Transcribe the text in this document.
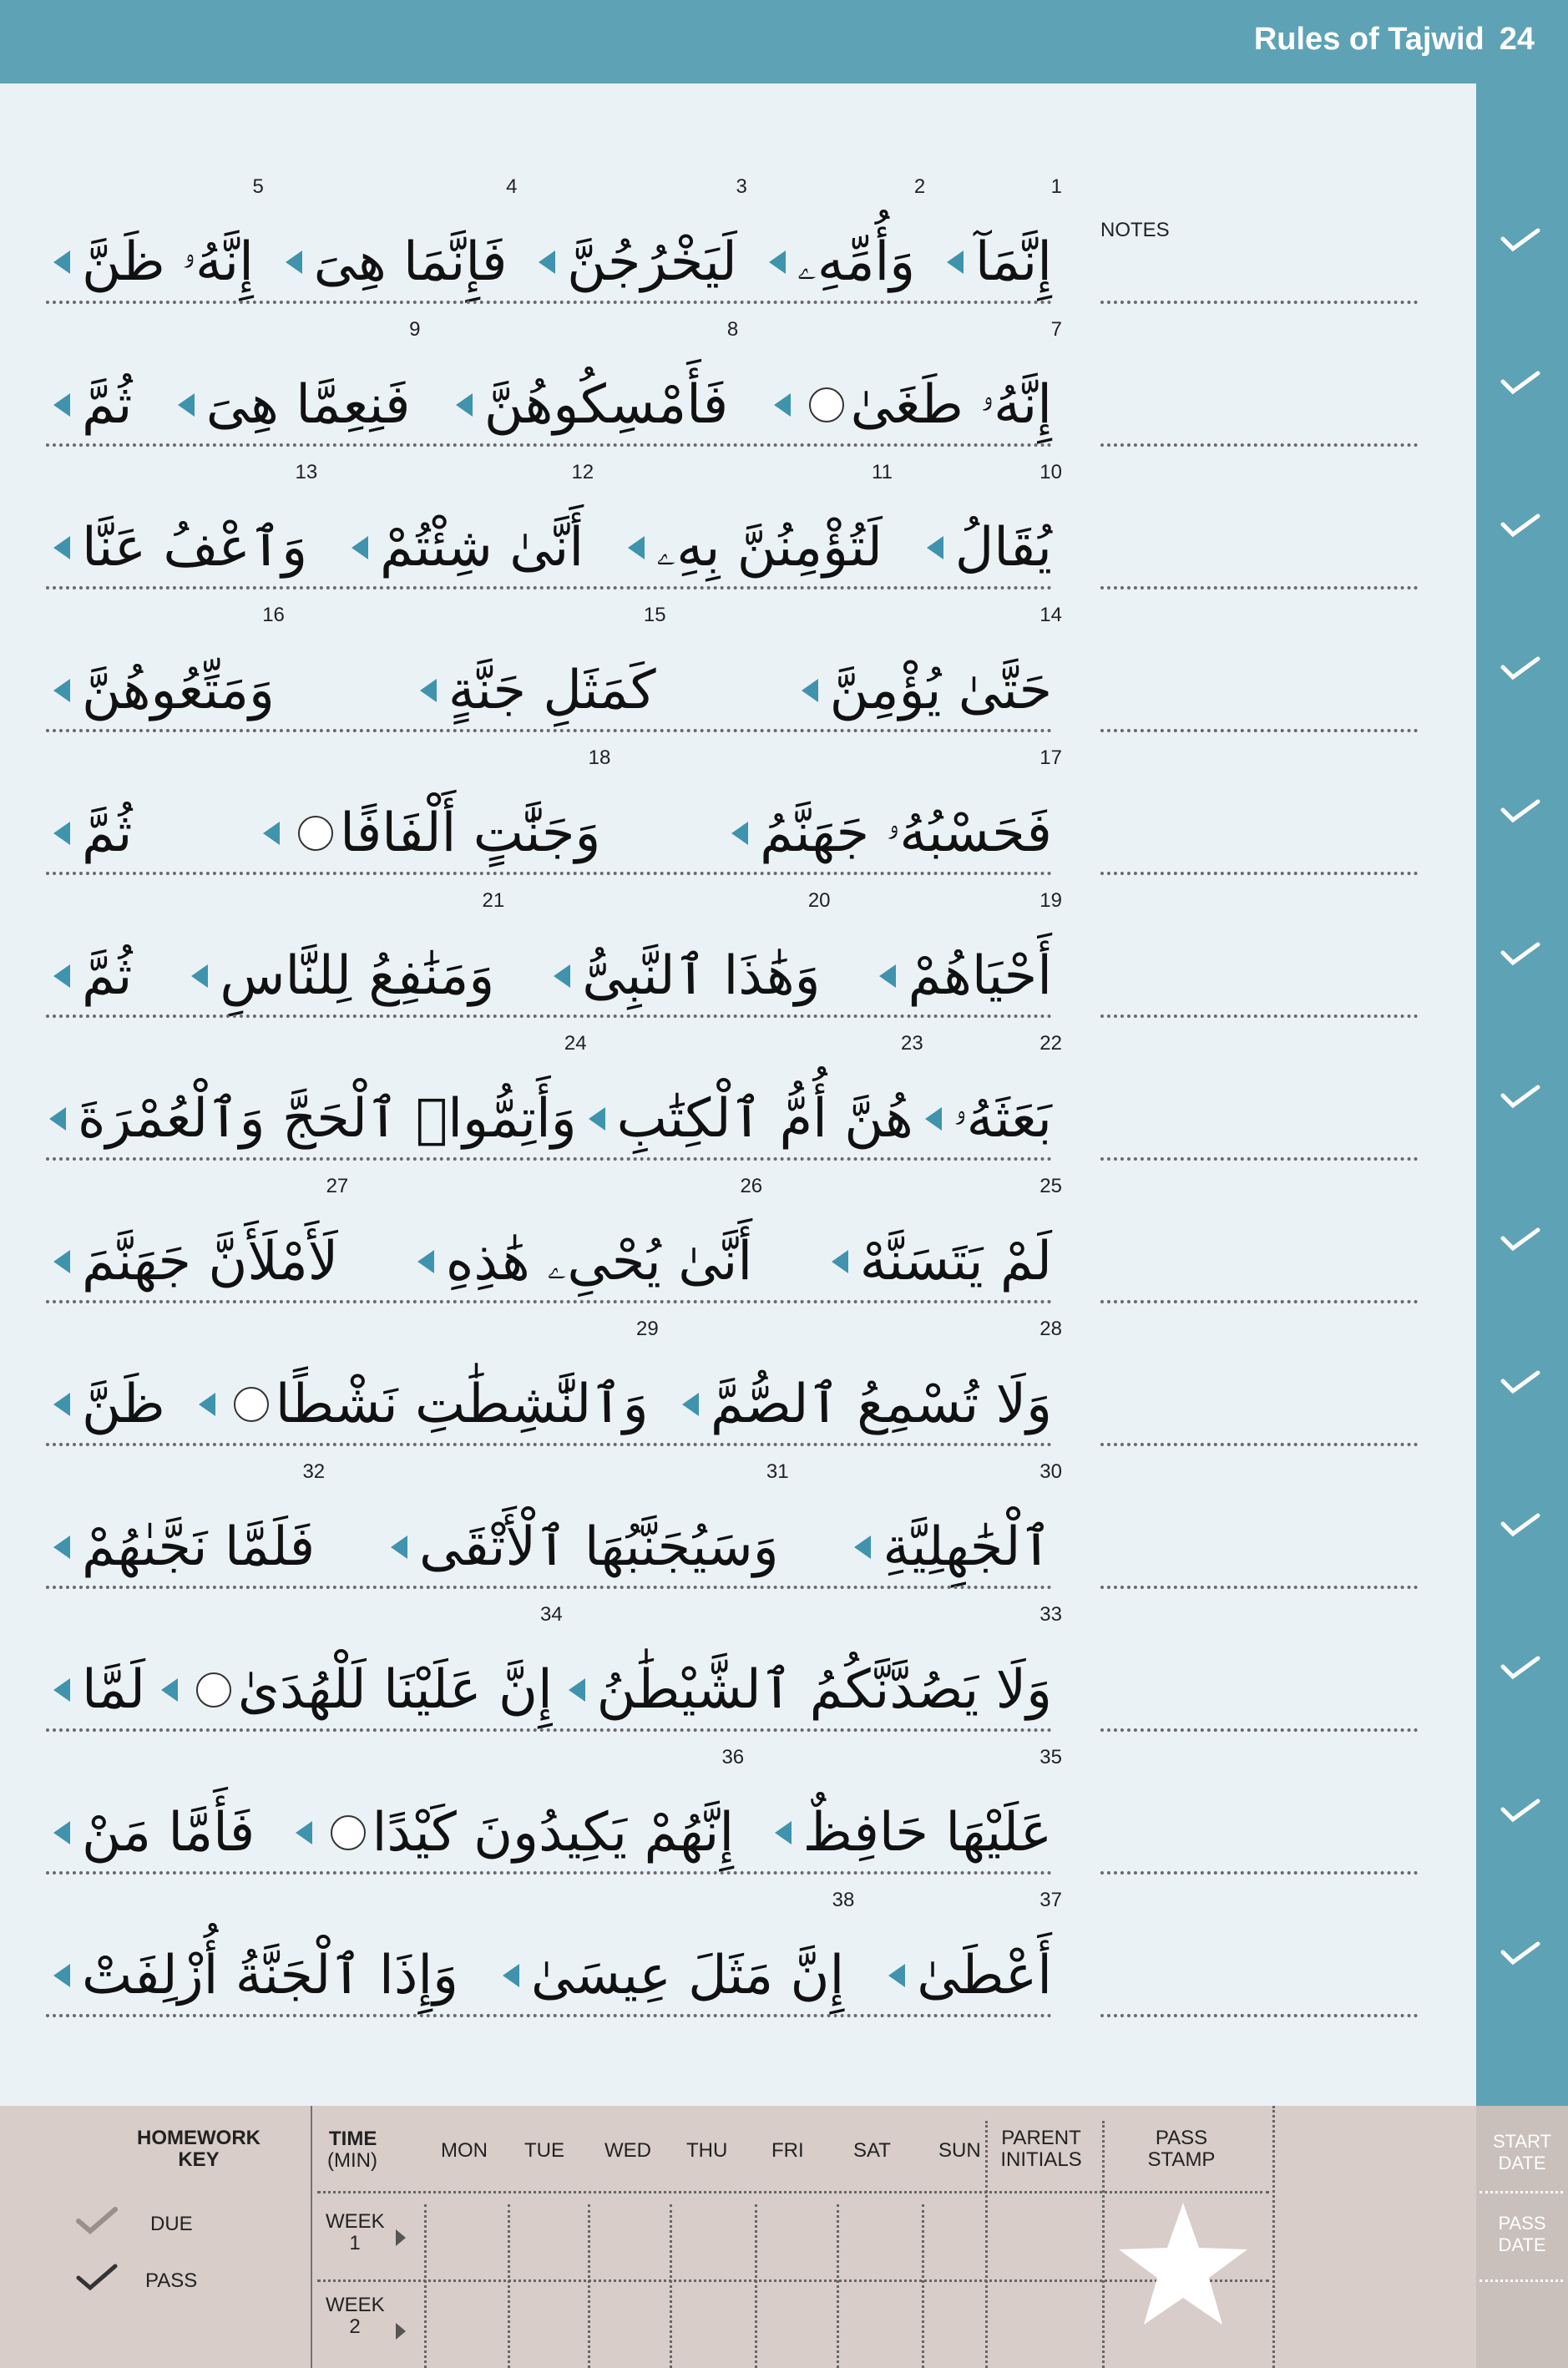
Rules of Tajwid 24
NOTES
1
إِنَّمَآ
2
وَأُمِّهِۦ
3
لَيَخْرُجُنَّ
4
فَإِنَّمَا هِىَ
5
إِنَّهُۥ ظَنَّ
7
إِنَّهُۥ طَغَىٰ
8
فَأَمْسِكُوهُنَّ
9
فَنِعِمَّا هِىَ
ثُمَّ
10
يُقَالُ
11
لَتُؤْمِنُنَّ بِهِۦ
12
أَنَّىٰ شِئْتُمْ
13
وَٱعْفُ عَنَّا
14
حَتَّىٰ يُؤْمِنَّ
15
كَمَثَلِ جَنَّةٍ
16
وَمَتِّعُوهُنَّ
17
فَحَسْبُهُۥ جَهَنَّمُ
18
وَجَنَّٰتٍ أَلْفَافًا
ثُمَّ
19
أَحْيَاهُمْ
20
وَهَٰذَا ٱلنَّبِىُّ
21
وَمَنَٰفِعُ لِلنَّاسِ
ثُمَّ
22
بَعَثَهُۥ
23
هُنَّ أُمُّ ٱلْكِتَٰبِ
24
وَأَتِمُّوا۟ ٱلْحَجَّ وَٱلْعُمْرَةَ
25
لَمْ يَتَسَنَّهْ
26
أَنَّىٰ يُحْىِۦ هَٰذِهِ
27
لَأَمْلَأَنَّ جَهَنَّمَ
28
وَلَا تُسْمِعُ ٱلصُّمَّ
29
وَٱلنَّٰشِطَٰتِ نَشْطًا
ظَنَّ
30
ٱلْجَٰهِلِيَّةِ
31
وَسَيُجَنَّبُهَا ٱلْأَتْقَى
32
فَلَمَّا نَجَّىٰهُمْ
33
وَلَا يَصُدَّنَّكُمُ ٱلشَّيْطَٰنُ
34
إِنَّ عَلَيْنَا لَلْهُدَىٰ
لَمَّا
35
عَلَيْهَا حَافِظٌ
36
إِنَّهُمْ يَكِيدُونَ كَيْدًا
فَأَمَّا مَنْ
37
أَعْطَىٰ
38
إِنَّ مَثَلَ عِيسَىٰ
وَإِذَا ٱلْجَنَّةُ أُزْلِفَتْ
HOMEWORK
KEY
DUE
PASS
TIME
(MIN)	MON TUE WED THU FRI SAT SUN
PARENT
INITIALS
PASS
STAMP
WEEK
1
WEEK
2
START
DATE
PASS
DATE
